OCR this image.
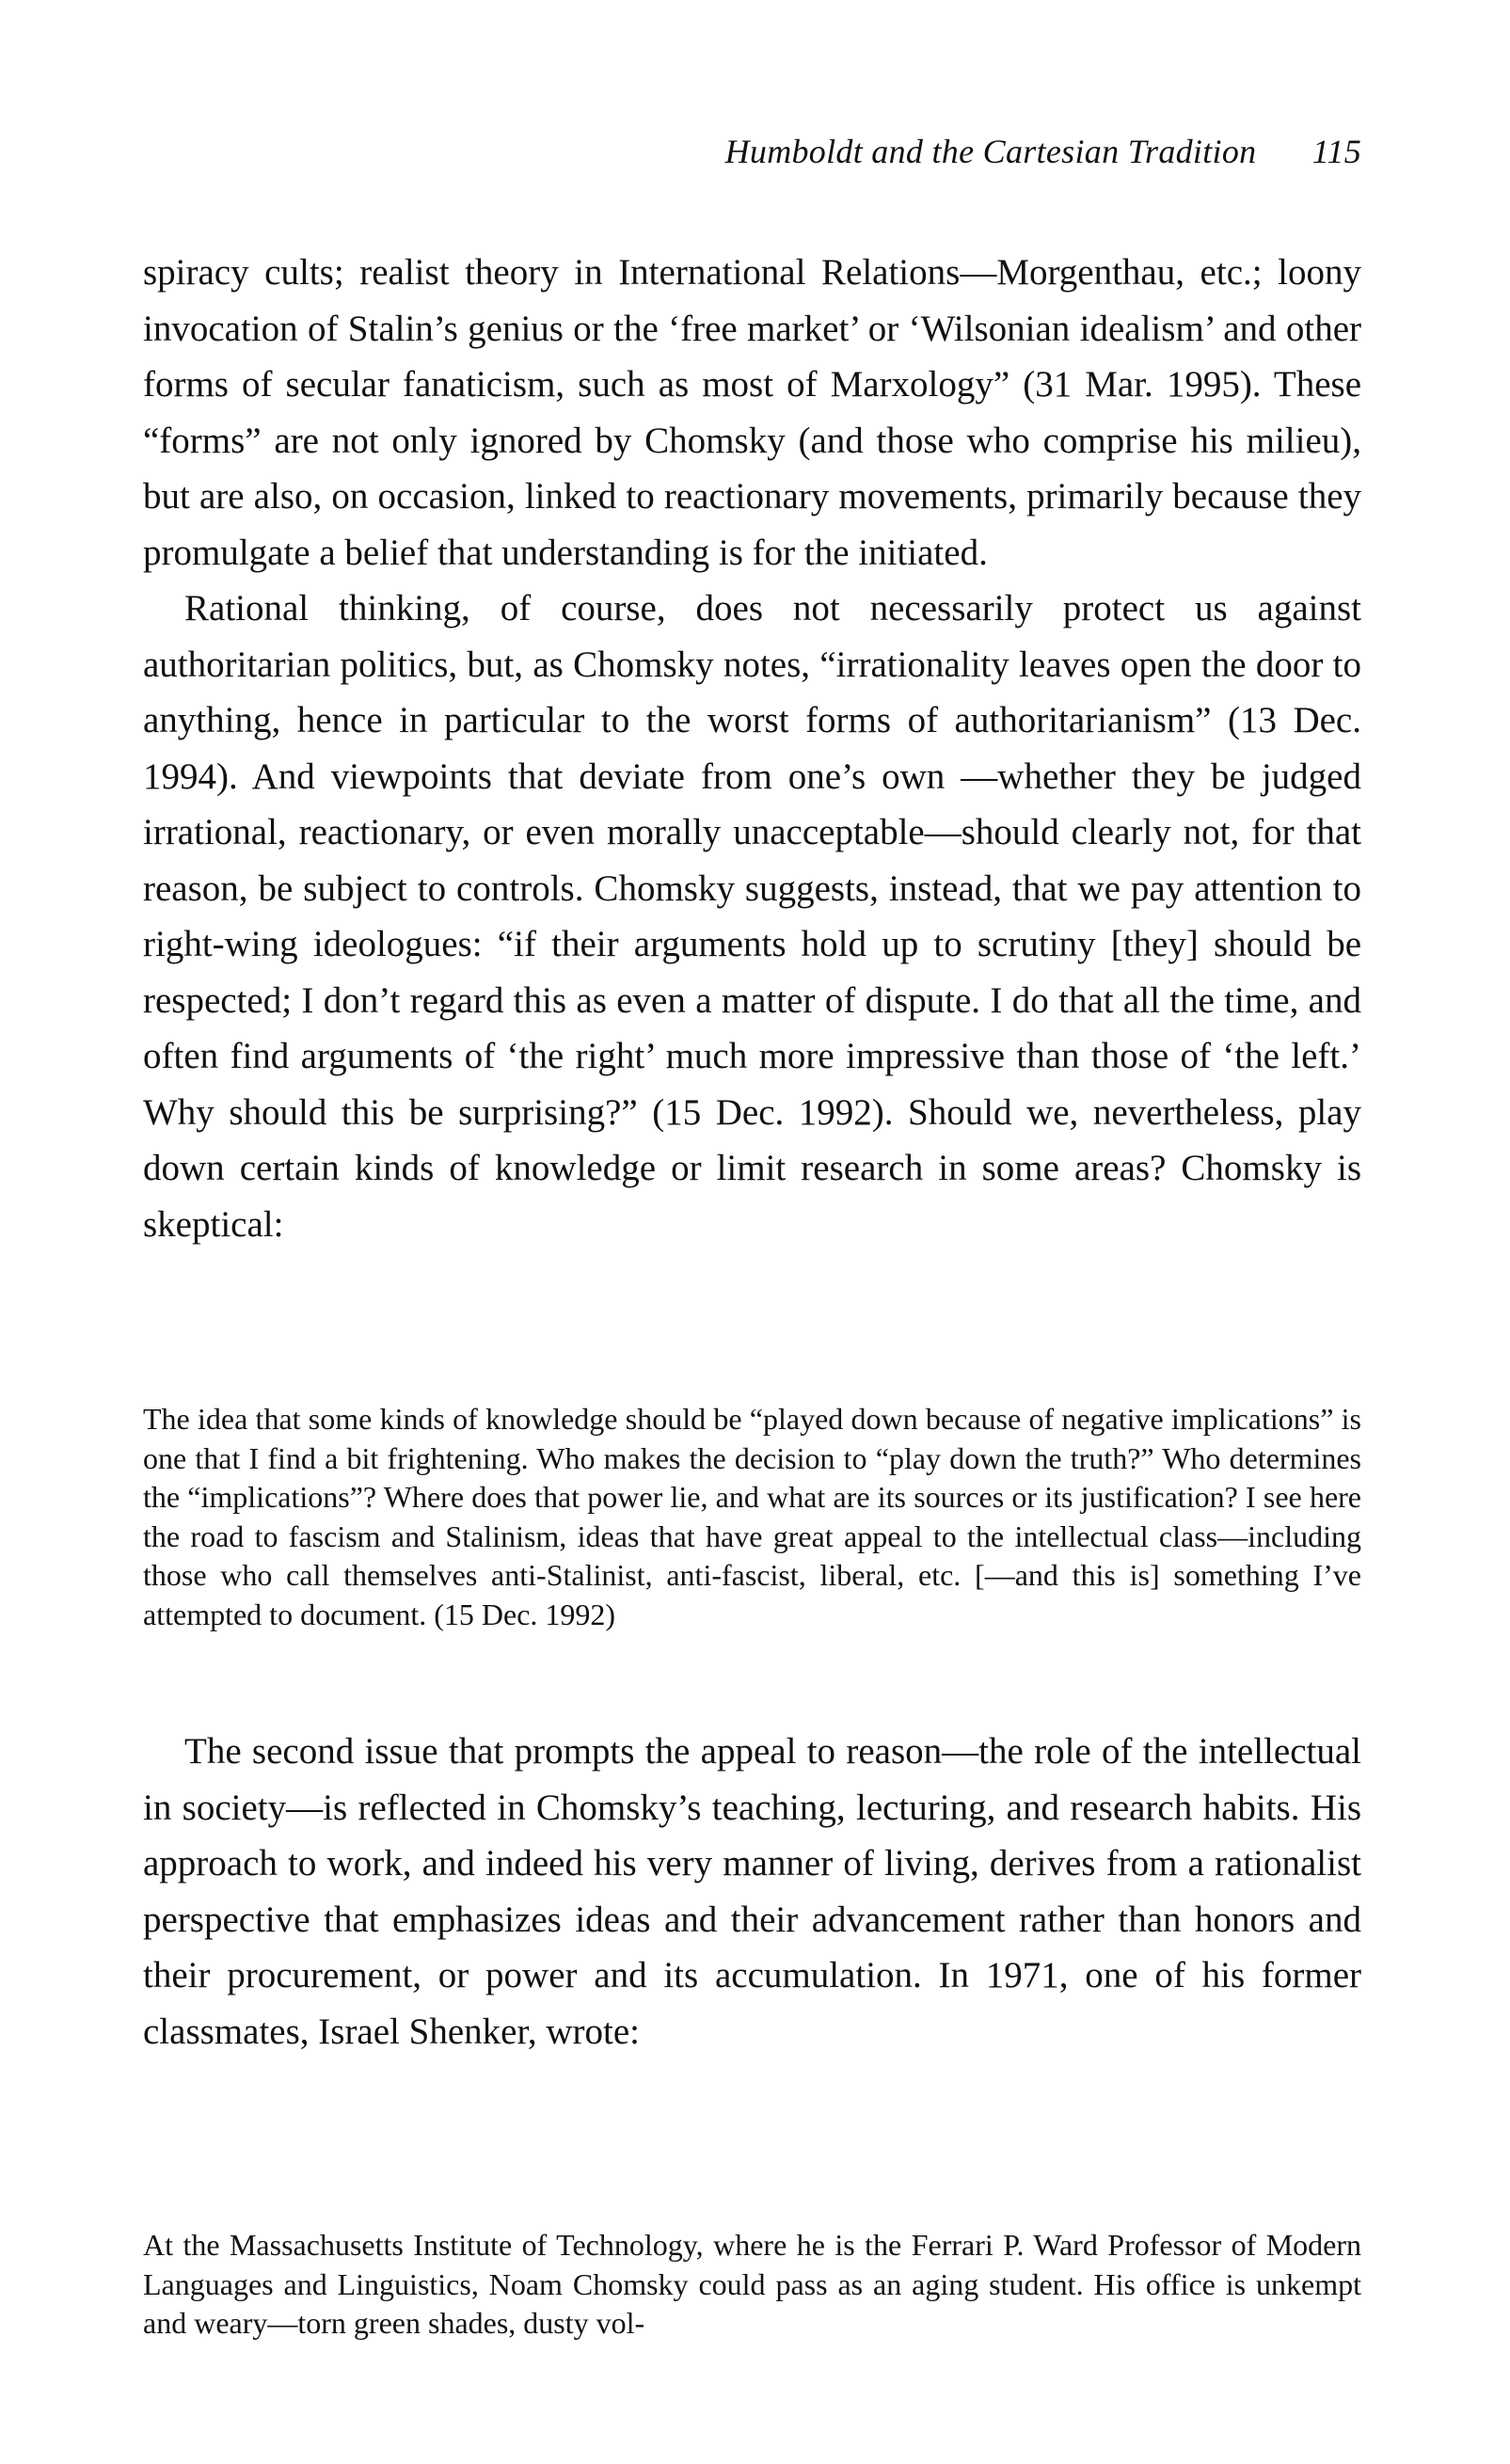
Humboldt and the Cartesian Tradition 115

spiracy cults; realist theory in International Relations—Morgenthau, etc.; loony invocation of Stalin’s genius or the ‘free market’ or ‘Wilsonian idealism’ and other forms of secular fanaticism, such as most of Marxology” (31 Mar. 1995). These “forms” are not only ignored by Chomsky (and those who comprise his milieu), but are also, on occasion, linked to reactionary movements, primarily because they promulgate a belief that understanding is for the initiated.

Rational thinking, of course, does not necessarily protect us against authoritarian politics, but, as Chomsky notes, “irrationality leaves open the door to anything, hence in particular to the worst forms of authoritarianism” (13 Dec. 1994). And viewpoints that deviate from one’s own —whether they be judged irrational, reactionary, or even morally unacceptable—should clearly not, for that reason, be subject to controls. Chomsky suggests, instead, that we pay attention to right-wing ideologues: “if their arguments hold up to scrutiny [they] should be respected; I don’t regard this as even a matter of dispute. I do that all the time, and often find arguments of ‘the right’ much more impressive than those of ‘the left.’ Why should this be surprising?” (15 Dec. 1992). Should we, nevertheless, play down certain kinds of knowledge or limit research in some areas? Chomsky is skeptical:

The idea that some kinds of knowledge should be “played down because of negative implications” is one that I find a bit frightening. Who makes the decision to “play down the truth?” Who determines the “implications”? Where does that power lie, and what are its sources or its justification? I see here the road to fascism and Stalinism, ideas that have great appeal to the intellectual class—including those who call themselves anti-Stalinist, anti-fascist, liberal, etc. [—and this is] something I’ve attempted to document. (15 Dec. 1992)

The second issue that prompts the appeal to reason—the role of the intellectual in society—is reflected in Chomsky’s teaching, lecturing, and research habits. His approach to work, and indeed his very manner of living, derives from a rationalist perspective that emphasizes ideas and their advancement rather than honors and their procurement, or power and its accumulation. In 1971, one of his former classmates, Israel Shenker, wrote:

At the Massachusetts Institute of Technology, where he is the Ferrari P. Ward Professor of Modern Languages and Linguistics, Noam Chomsky could pass as an aging student. His office is unkempt and weary—torn green shades, dusty vol-
